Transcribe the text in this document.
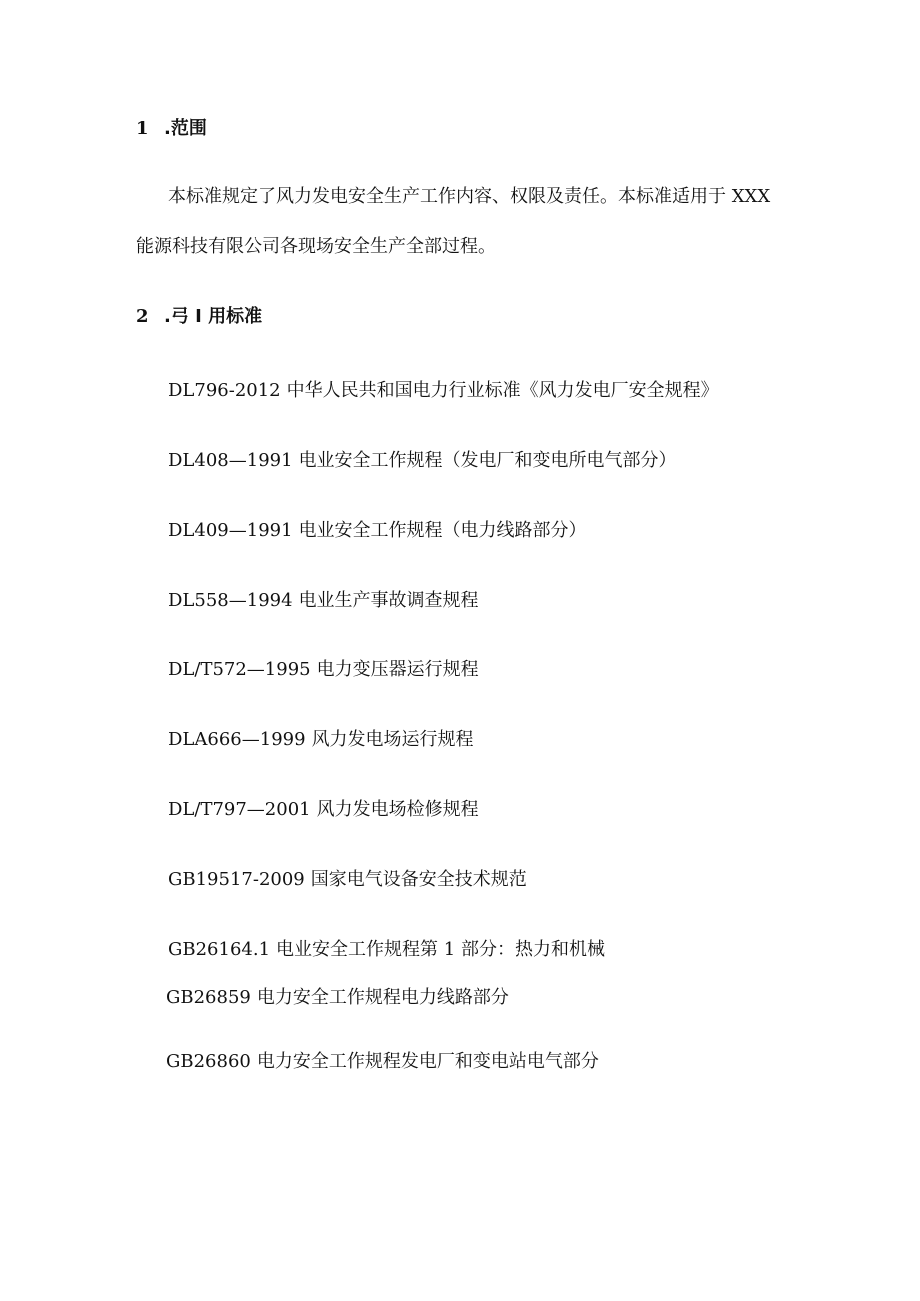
1 .范围
本标准规定了风力发电安全生产工作内容、权限及责任。本标准适用于 XXX
能源科技有限公司各现场安全生产全部过程。
2 .弓 I 用标准
DL796-2012 中华人民共和国电力行业标准《风力发电厂安全规程》
DL408—1991 电业安全工作规程（发电厂和变电所电气部分）
DL409—1991 电业安全工作规程（电力线路部分）
DL558—1994 电业生产事故调查规程
DL/T572—1995 电力变压器运行规程
DLA666—1999 风力发电场运行规程
DL/T797—2001 风力发电场检修规程
GB19517-2009 国家电气设备安全技术规范
GB26164.1 电业安全工作规程第 1 部分：热力和机械
GB26859 电力安全工作规程电力线路部分
GB26860 电力安全工作规程发电厂和变电站电气部分
